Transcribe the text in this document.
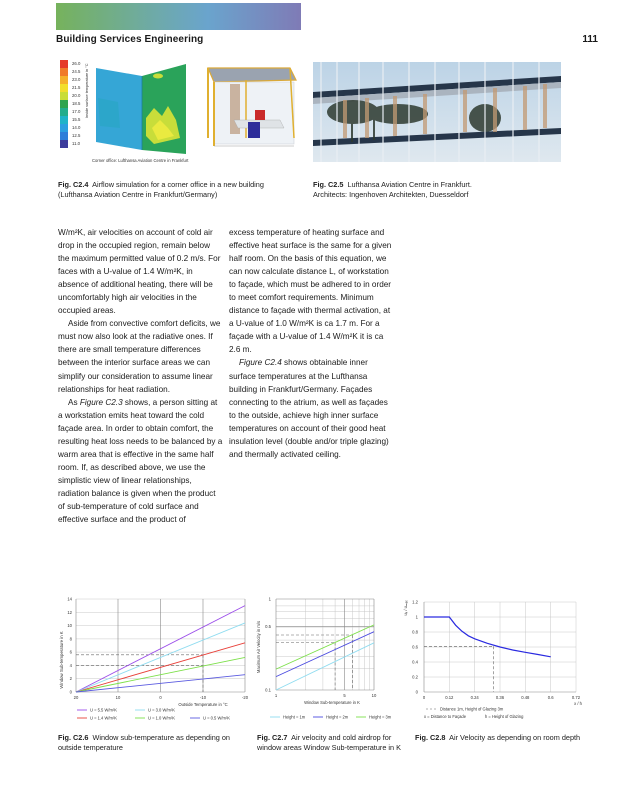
Building Services Engineering	111
26.0
24.5
23.0
21.5
20.0
18.5
17.0
15.5
14.0
12.5
11.0
Inside surface temperature in °C
Corner office: Lufthansa Aviation Centre in Frankfurt
Fig. C2.4 Airflow simulation for a corner office in a new building (Lufthansa Aviation Centre in Frankfurt/Germany)
Fig. C2.5 Lufthansa Aviation Centre in Frankfurt. Architects: Ingenhoven Architekten, Duesseldorf

W/m²K, air velocities on account of cold air drop in the occupied region, remain below the maximum permitted value of 0.2 m/s. For faces with a U-value of 1.4 W/m²K, in absence of additional heating, there will be uncomfortably high air velocities in the occupied areas.

Aside from convective comfort deficits, we must now also look at the radiative ones. If there are small temperature differences between the interior surface areas we can simplify our consideration to assume linear relationships for heat radiation.

As Figure C2.3 shows, a person sitting at a workstation emits heat toward the cold façade area. In order to obtain comfort, the resulting heat loss needs to be balanced by a warm area that is effective in the same half room. If, as described above, we use the simplistic view of linear relationships, radiation balance is given when the product of sub-temperature of cold surface and effective surface and the product of

excess temperature of heating surface and effective heat surface is the same for a given half room. On the basis of this equation, we can now calculate distance L, of workstation to façade, which must be adhered to in order to meet comfort requirements. Minimum distance to façade with thermal activation, at a U-value of 1.0 W/m²K is ca 1.7 m. For a façade with a U-value of 1.4 W/m²K it is ca 2.6 m.

Figure C2.4 shows obtainable inner surface temperatures at the Lufthansa building in Frankfurt/Germany. Façades connecting to the atrium, as well as façades to the outside, achieve high inner surface temperatures on account of their good heat insulation level (double and/or triple glazing) and thermally activated ceiling.

Window Sub-temperature in K
0
2
4
6
8
10
12
14
20	10	0	-10	-20
Outside Temperature in °C
U = 5.5 W/m²K
U = 1.4 W/m²K
U = 3.0 W/m²K
U = 1.0 W/m²K	U = 0.5 W/m²K
Maximum Air Velocity in m/s
0.1
0.5
1
1	5	10
Window Sub-temperature in K
Height = 1m	Height = 2m	Height = 3m
uₓ / uₘₐₓ
0
0.2
0.4
0.6
0.8
1
1.2
0	0.12	0.24	0.36	0.48	0.6	0.72
x / h
Distance 1m, Height of Glazing 3m
x = Distance to Façade	h = Height of Glazing
Fig. C2.6 Window sub-temperature as depending on outside temperature
Fig. C2.7 Air velocity and cold airdrop for window areas Window Sub-temperature in K
Fig. C2.8 Air Velocity as depending on room depth
